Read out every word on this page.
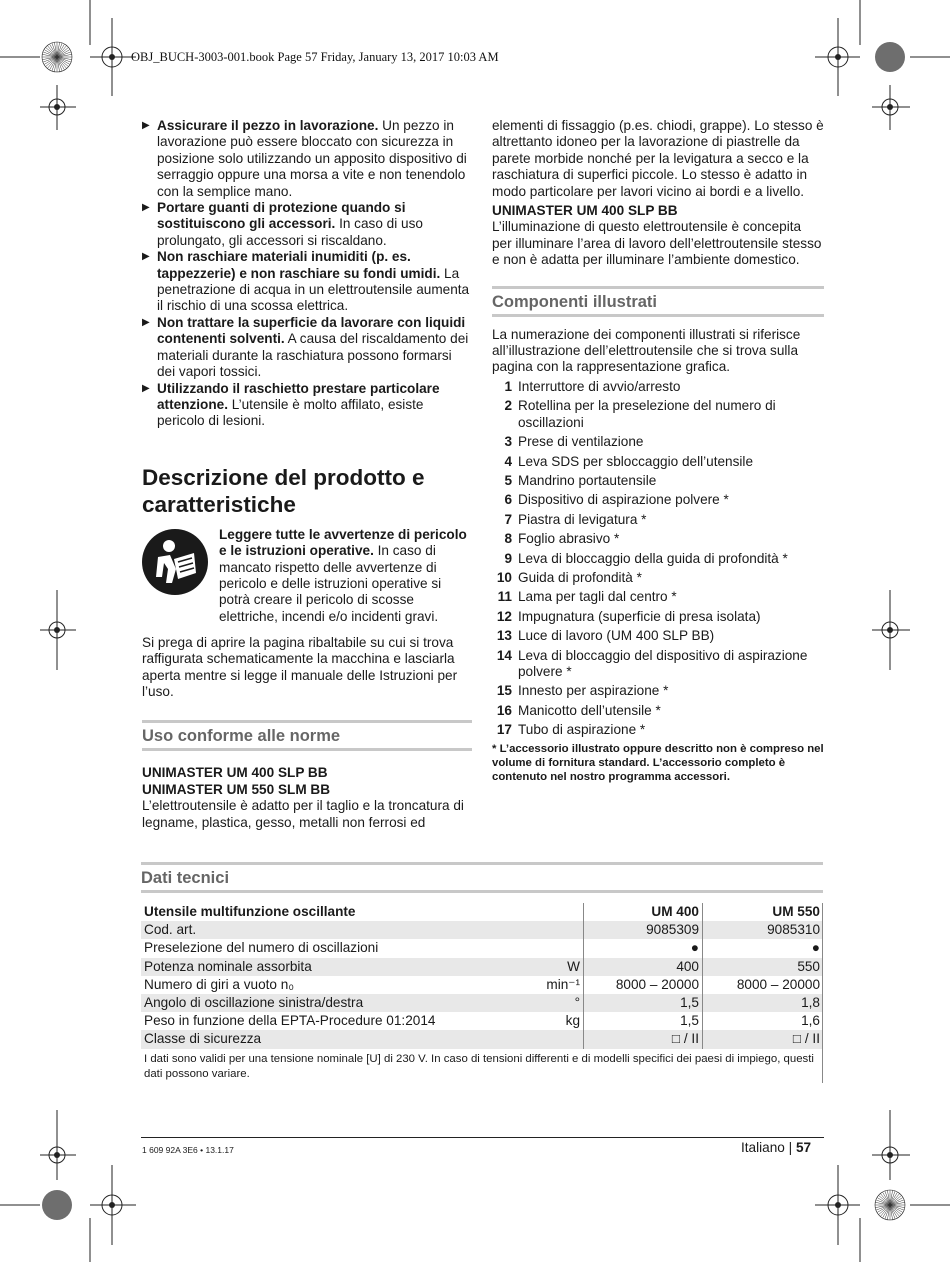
OBJ_BUCH-3003-001.book Page 57 Friday, January 13, 2017 10:03 AM

▶ Assicurare il pezzo in lavorazione. Un pezzo in lavorazione può essere bloccato con sicurezza in posizione solo utilizzando un apposito dispositivo di serraggio oppure una morsa a vite e non tenendolo con la semplice mano.

▶ Portare guanti di protezione quando si sostituiscono gli accessori. In caso di uso prolungato, gli accessori si riscaldano.

▶ Non raschiare materiali inumiditi (p. es. tappezzerie) e non raschiare su fondi umidi. La penetrazione di acqua in un elettroutensile aumenta il rischio di una scossa elettrica.

▶ Non trattare la superficie da lavorare con liquidi contenenti solventi. A causa del riscaldamento dei materiali durante la raschiatura possono formarsi dei vapori tossici.

▶ Utilizzando il raschietto prestare particolare attenzione. L’utensile è molto affilato, esiste pericolo di lesioni.

Descrizione del prodotto e caratteristiche

Leggere tutte le avvertenze di pericolo e le istruzioni operative. In caso di mancato rispetto delle avvertenze di pericolo e delle istruzioni operative si potrà creare il pericolo di scosse elettriche, incendi e/o incidenti gravi.

Si prega di aprire la pagina ribaltabile su cui si trova raffigurata schematicamente la macchina e lasciarla aperta mentre si legge il manuale delle Istruzioni per l’uso.

Uso conforme alle norme

UNIMASTER UM 400 SLP BB

UNIMASTER UM 550 SLM BB

L’elettroutensile è adatto per il taglio e la troncatura di legname, plastica, gesso, metalli non ferrosi ed

elementi di fissaggio (p.es. chiodi, grappe). Lo stesso è altrettanto idoneo per la lavorazione di piastrelle da parete morbide nonché per la levigatura a secco e la raschiatura di superfici piccole. Lo stesso è adatto in modo particolare per lavori vicino ai bordi e a livello.

UNIMASTER UM 400 SLP BB

L’illuminazione di questo elettroutensile è concepita per illuminare l’area di lavoro dell’elettroutensile stesso e non è adatta per illuminare l’ambiente domestico.

Componenti illustrati

La numerazione dei componenti illustrati si riferisce all’illustrazione dell’elettroutensile che si trova sulla pagina con la rappresentazione grafica.

1 Interruttore di avvio/arresto
2 Rotellina per la preselezione del numero di oscillazioni
3 Prese di ventilazione
4 Leva SDS per sbloccaggio dell’utensile
5 Mandrino portautensile
6 Dispositivo di aspirazione polvere *
7 Piastra di levigatura *
8 Foglio abrasivo *
9 Leva di bloccaggio della guida di profondità *
10 Guida di profondità *
11 Lama per tagli dal centro *
12 Impugnatura (superficie di presa isolata)
13 Luce di lavoro (UM 400 SLP BB)
14 Leva di bloccaggio del dispositivo di aspirazione polvere *
15 Innesto per aspirazione *
16 Manicotto dell’utensile *
17 Tubo di aspirazione *

* L’accessorio illustrato oppure descritto non è compreso nel volume di fornitura standard. L’accessorio completo è contenuto nel nostro programma accessori.

Dati tecnici
Utensile multifunzione oscillante		UM 400	UM 550
Cod. art.		9085309	9085310
Preselezione del numero di oscillazioni		●	●
Potenza nominale assorbita	W	400	550
Numero di giri a vuoto n₀	min⁻¹	8000 – 20000	8000 – 20000
Angolo di oscillazione sinistra/destra	°	1,5	1,8
Peso in funzione della EPTA-Procedure 01:2014	kg	1,5	1,6
Classe di sicurezza		□ / II	□ / II
I dati sono validi per una tensione nominale [U] di 230 V. In caso di tensioni differenti e di modelli specifici dei paesi di impiego, questi dati possono variare.
1 609 92A 3E6 • 13.1.17	Italiano | 57
